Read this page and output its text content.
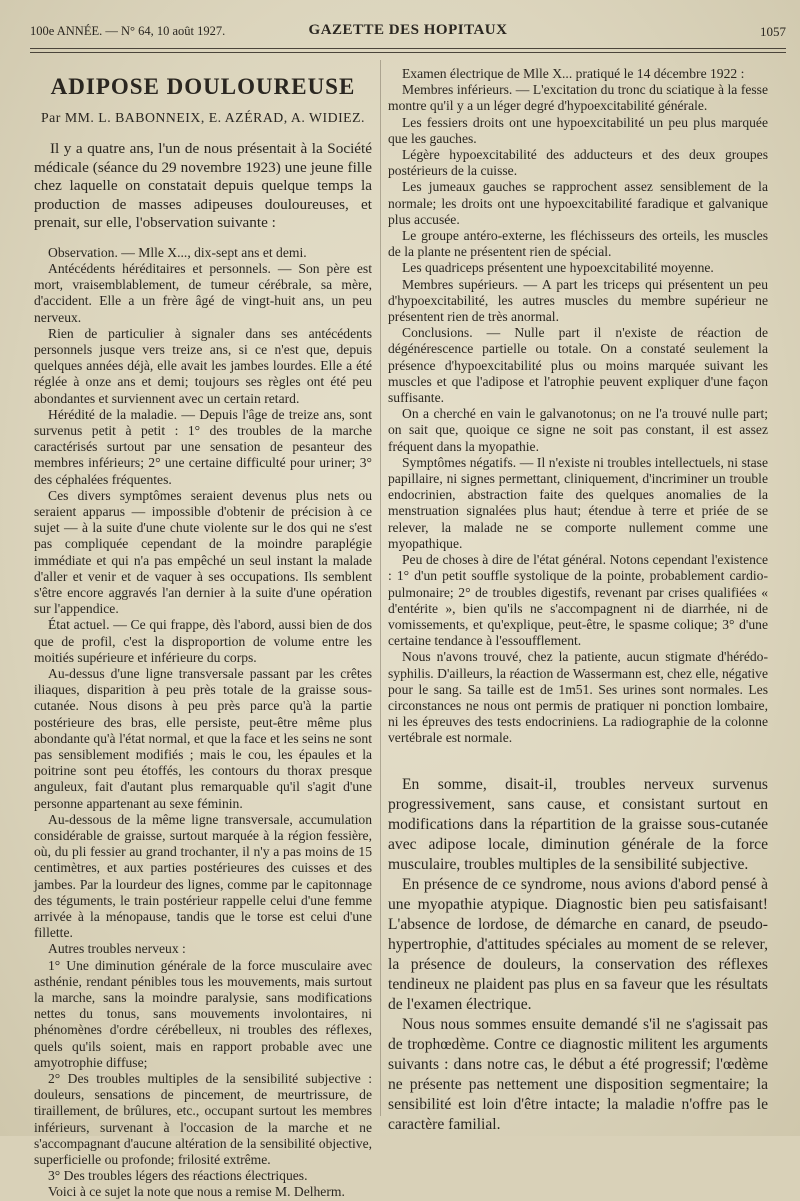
100e ANNÉE. — N° 64, 10 août 1927.	GAZETTE DES HOPITAUX	1057
ADIPOSE DOULOUREUSE
Par MM. L. BABONNEIX, E. AZÉRAD, A. WIDIEZ.

Il y a quatre ans, l'un de nous présentait à la Société médicale (séance du 29 novembre 1923) une jeune fille chez laquelle on constatait depuis quelque temps la production de masses adipeuses douloureuses, et prenait, sur elle, l'observation suivante :

Observation. — Mlle X..., dix-sept ans et demi.

Antécédents héréditaires et personnels. — Son père est mort, vraisemblablement, de tumeur cérébrale, sa mère, d'accident. Elle a un frère âgé de vingt-huit ans, un peu nerveux.

Rien de particulier à signaler dans ses antécédents personnels jusque vers treize ans, si ce n'est que, depuis quelques années déjà, elle avait les jambes lourdes. Elle a été réglée à onze ans et demi; toujours ses règles ont été peu abondantes et surviennent avec un certain retard.

Hérédité de la maladie. — Depuis l'âge de treize ans, sont survenus petit à petit : 1° des troubles de la marche caractérisés surtout par une sensation de pesanteur des membres inférieurs; 2° une certaine difficulté pour uriner; 3° des céphalées fréquentes.

Ces divers symptômes seraient devenus plus nets ou seraient apparus — impossible d'obtenir de précision à ce sujet — à la suite d'une chute violente sur le dos qui ne s'est pas compliquée cependant de la moindre paraplégie immédiate et qui n'a pas empêché un seul instant la malade d'aller et venir et de vaquer à ses occupations. Ils semblent s'être encore aggravés l'an dernier à la suite d'une opération sur l'appendice.

État actuel. — Ce qui frappe, dès l'abord, aussi bien de dos que de profil, c'est la disproportion de volume entre les moitiés supérieure et inférieure du corps.

Au-dessus d'une ligne transversale passant par les crêtes iliaques, disparition à peu près totale de la graisse sous-cutanée. Nous disons à peu près parce qu'à la partie postérieure des bras, elle persiste, peut-être même plus abondante qu'à l'état normal, et que la face et les seins ne sont pas sensiblement modifiés ; mais le cou, les épaules et la poitrine sont peu étoffés, les contours du thorax presque anguleux, fait d'autant plus remarquable qu'il s'agit d'une personne appartenant au sexe féminin.

Au-dessous de la même ligne transversale, accumulation considérable de graisse, surtout marquée à la région fessière, où, du pli fessier au grand trochanter, il n'y a pas moins de 15 centimètres, et aux parties postérieures des cuisses et des jambes. Par la lourdeur des lignes, comme par le capitonnage des téguments, le train postérieur rappelle celui d'une femme arrivée à la ménopause, tandis que le torse est celui d'une fillette.

Autres troubles nerveux :

1° Une diminution générale de la force musculaire avec asthénie, rendant pénibles tous les mouvements, mais surtout la marche, sans la moindre paralysie, sans modifications nettes du tonus, sans mouvements involontaires, ni phénomènes d'ordre cérébelleux, ni troubles des réflexes, quels qu'ils soient, mais en rapport probable avec une amyotrophie diffuse;

2° Des troubles multiples de la sensibilité subjective : douleurs, sensations de pincement, de meurtrissure, de tiraillement, de brûlures, etc., occupant surtout les membres inférieurs, survenant à l'occasion de la marche et ne s'accompagnant d'aucune altération de la sensibilité objective, superficielle ou profonde; frilosité extrême.

3° Des troubles légers des réactions électriques.

Voici à ce sujet la note que nous a remise M. Delherm.

Examen électrique de Mlle X... pratiqué le 14 décembre 1922 :

Membres inférieurs. — L'excitation du tronc du sciatique à la fesse montre qu'il y a un léger degré d'hypoexcitabilité générale.

Les fessiers droits ont une hypoexcitabilité un peu plus marquée que les gauches.

Légère hypoexcitabilité des adducteurs et des deux groupes postérieurs de la cuisse.

Les jumeaux gauches se rapprochent assez sensiblement de la normale; les droits ont une hypoexcitabilité faradique et galvanique plus accusée.

Le groupe antéro-externe, les fléchisseurs des orteils, les muscles de la plante ne présentent rien de spécial.

Les quadriceps présentent une hypoexcitabilité moyenne.

Membres supérieurs. — A part les triceps qui présentent un peu d'hypoexcitabilité, les autres muscles du membre supérieur ne présentent rien de très anormal.

Conclusions. — Nulle part il n'existe de réaction de dégénérescence partielle ou totale. On a constaté seulement la présence d'hypoexcitabilité plus ou moins marquée suivant les muscles et que l'adipose et l'atrophie peuvent expliquer d'une façon suffisante.

On a cherché en vain le galvanotonus; on ne l'a trouvé nulle part; on sait que, quoique ce signe ne soit pas constant, il est assez fréquent dans la myopathie.

Symptômes négatifs. — Il n'existe ni troubles intellectuels, ni stase papillaire, ni signes permettant, cliniquement, d'incriminer un trouble endocrinien, abstraction faite des quelques anomalies de la menstruation signalées plus haut; étendue à terre et priée de se relever, la malade ne se comporte nullement comme une myopathique.

Peu de choses à dire de l'état général. Notons cependant l'existence : 1° d'un petit souffle systolique de la pointe, probablement cardio-pulmonaire; 2° de troubles digestifs, revenant par crises qualifiées « d'entérite », bien qu'ils ne s'accompagnent ni de diarrhée, ni de vomissements, et qu'explique, peut-être, le spasme colique; 3° d'une certaine tendance à l'essoufflement.

Nous n'avons trouvé, chez la patiente, aucun stigmate d'hérédo-syphilis. D'ailleurs, la réaction de Wassermann est, chez elle, négative pour le sang. Sa taille est de 1m51. Ses urines sont normales. Les circonstances ne nous ont permis de pratiquer ni ponction lombaire, ni les épreuves des tests endocriniens. La radiographie de la colonne vertébrale est normale.

En somme, disait-il, troubles nerveux survenus progressivement, sans cause, et consistant surtout en modifications dans la répartition de la graisse sous-cutanée avec adipose locale, diminution générale de la force musculaire, troubles multiples de la sensibilité subjective.

En présence de ce syndrome, nous avions d'abord pensé à une myopathie atypique. Diagnostic bien peu satisfaisant! L'absence de lordose, de démarche en canard, de pseudo-hypertrophie, d'attitudes spéciales au moment de se relever, la présence de douleurs, la conservation des réflexes tendineux ne plaident pas plus en sa faveur que les résultats de l'examen électrique.

Nous nous sommes ensuite demandé s'il ne s'agissait pas de trophœdème. Contre ce diagnostic militent les arguments suivants : dans notre cas, le début a été progressif; l'œdème ne présente pas nettement une disposition segmentaire; la sensibilité est loin d'être intacte; la maladie n'offre pas le caractère familial.
